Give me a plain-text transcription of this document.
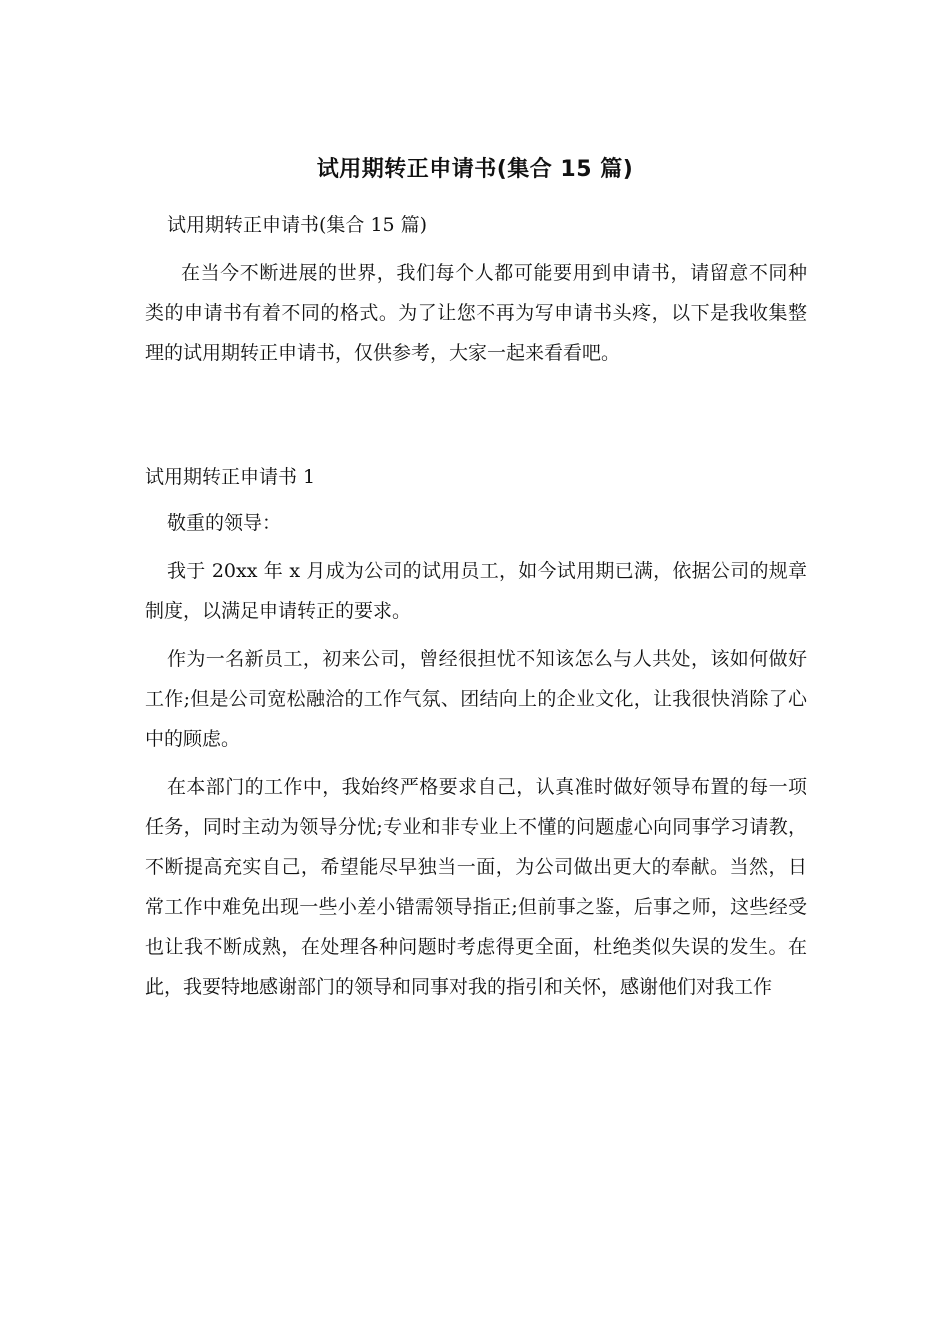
试用期转正申请书(集合 15 篇)

试用期转正申请书(集合 15 篇)

在当今不断进展的世界，我们每个人都可能要用到申请书，请留意不同种类的申请书有着不同的格式。为了让您不再为写申请书头疼，以下是我收集整理的试用期转正申请书，仅供参考，大家一起来看看吧。

试用期转正申请书 1

敬重的领导：

我于 20xx 年 x 月成为公司的试用员工，如今试用期已满，依据公司的规章制度，以满足申请转正的要求。

作为一名新员工，初来公司，曾经很担忧不知该怎么与人共处，该如何做好工作;但是公司宽松融洽的工作气氛、团结向上的企业文化，让我很快消除了心中的顾虑。

在本部门的工作中，我始终严格要求自己，认真准时做好领导布置的每一项任务，同时主动为领导分忧;专业和非专业上不懂的问题虚心向同事学习请教，不断提高充实自己，希望能尽早独当一面，为公司做出更大的奉献。当然，日常工作中难免出现一些小差小错需领导指正;但前事之鉴，后事之师，这些经受也让我不断成熟，在处理各种问题时考虑得更全面，杜绝类似失误的发生。在此，我要特地感谢部门的领导和同事对我的指引和关怀，感谢他们对我工作
